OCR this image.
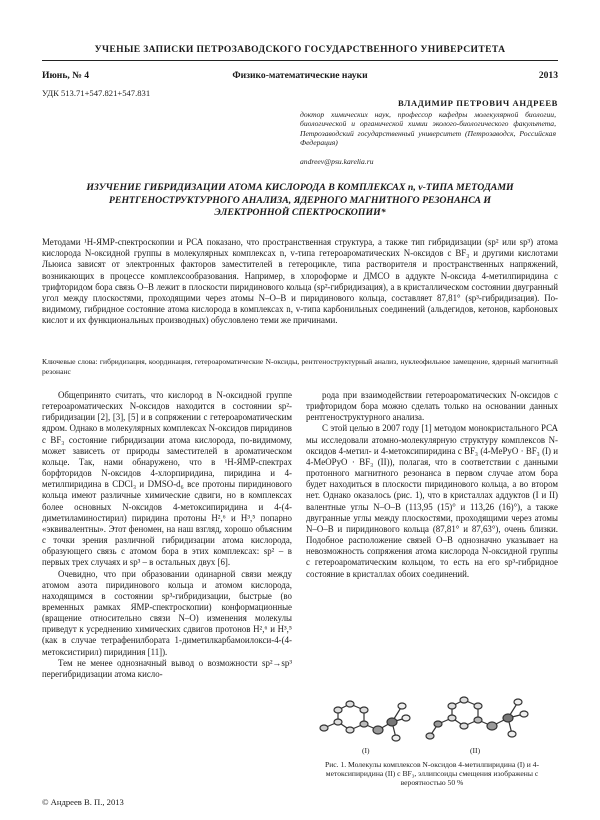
УЧЕНЫЕ ЗАПИСКИ ПЕТРОЗАВОДСКОГО ГОСУДАРСТВЕННОГО УНИВЕРСИТЕТА
Июнь, № 4	Физико-математические науки	2013
УДК 513.71+547.821+547.831
ВЛАДИМИР ПЕТРОВИЧ АНДРЕЕВ
доктор химических наук, профессор кафедры молекулярной биологии, биологической и органической химии эколого-биологического факультета, Петрозаводский государственный университет (Петрозаводск, Российская Федерация)
andreev@psu.karelia.ru
ИЗУЧЕНИЕ ГИБРИДИЗАЦИИ АТОМА КИСЛОРОДА В КОМПЛЕКСАХ n, v-ТИПА МЕТОДАМИ РЕНТГЕНОСТРУКТУРНОГО АНАЛИЗА, ЯДЕРНОГО МАГНИТНОГО РЕЗОНАНСА И ЭЛЕКТРОННОЙ СПЕКТРОСКОПИИ*
Методами ¹Н-ЯМР-спектроскопии и РСА показано, что пространственная структура, а также тип гибридизации (sp² или sp³) атома кислорода N-оксидной группы в молекулярных комплексах n, v-типа гетероароматических N-оксидов с BF₃ и другими кислотами Льюиса зависят от электронных факторов заместителей в гетероцикле, типа растворителя и пространственных напряжений, возникающих в процессе комплексообразования. Например, в хлороформе и ДМСО в аддукте N-оксида 4-метилпиридина с трифторидом бора связь O–B лежит в плоскости пиридинового кольца (sp²-гибридизация), а в кристаллическом состоянии двугранный угол между плоскостями, проходящими через атомы N–O–B и пиридинового кольца, составляет 87,81° (sp³-гибридизация). По-видимому, гибридное состояние атома кислорода в комплексах n, v-типа карбонильных соединений (альдегидов, кетонов, карбоновых кислот и их функциональных производных) обусловлено теми же причинами.
Ключевые слова: гибридизация, координация, гетероароматические N-оксиды, рентгеноструктурный анализ, нуклеофильное замещение, ядерный магнитный резонанс

Общепринято считать, что кислород в N-оксидной группе гетероароматических N-оксидов находится в состоянии sp²-гибридизации [2], [3], [5] и в сопряжении с гетероароматическим ядром. Однако в молекулярных комплексах N-оксидов пиридинов с BF₃ состояние гибридизации атома кислорода, по-видимому, может зависеть от природы заместителей в ароматическом кольце. Так, нами обнаружено, что в ¹Н-ЯМР-спектрах борфторидов N-оксидов 4-хлорпиридина, пиридина и 4-метилпиридина в CDCl₃ и DMSO-d₆ все протоны пиридинового кольца имеют различные химические сдвиги, но в комплексах более основных N-оксидов 4-метоксипиридина и 4-(4-диметиламиностирил) пиридина протоны H²,⁶ и H³,⁵ попарно «эквивалентны». Этот феномен, на наш взгляд, хорошо объясним с точки зрения различной гибридизации атома кислорода, образующего связь с атомом бора в этих комплексах: sp² – в первых трех случаях и sp³ – в остальных двух [6].

Очевидно, что при образовании одинарной связи между атомом азота пиридинового кольца и атомом кислорода, находящимся в состоянии sp³-гибридизации, быстрые (во временных рамках ЯМР-спектроскопии) конформационные (вращение относительно связи N–O) изменения молекулы приведут к усреднению химических сдвигов протонов H²,⁶ и H³,⁵ (как в случае тетрафенилбората 1-диметилкарбамоилокси-4-(4-метоксистирил) пиридиния [11]).

Тем не менее однозначный вывод о возможности sp²→sp³ перегибридизации атома кисло-

рода при взаимодействии гетероароматических N-оксидов с трифторидом бора можно сделать только на основании данных рентгеноструктурного анализа.

С этой целью в 2007 году [1] методом монокристального РСА мы исследовали атомно-молекулярную структуру комплексов N-оксидов 4-метил- и 4-метоксипиридина с BF₃ (4-MePyO · BF₃ (I) и 4-MeOPyO · BF₃ (II)), полагая, что в соответствии с данными протонного магнитного резонанса в первом случае атом бора будет находиться в плоскости пиридинового кольца, а во втором нет. Однако оказалось (рис. 1), что в кристаллах аддуктов (I и II) валентные углы N–O–B (113,95 (15)° и 113,26 (16)°), а также двугранные углы между плоскостями, проходящими через атомы N–O–B и пиридинового кольца (87,81° и 87,63°), очень близки. Подобное расположение связей O–B однозначно указывает на невозможность сопряжения атома кислорода N-оксидной группы с гетероароматическим кольцом, то есть на его sp³-гибридное состояние в кристаллах обоих соединений.

(I)	(II)
Рис. 1. Молекулы комплексов N-оксидов 4-метилпиридина (I) и 4-метоксипиридина (II) с BF₃, эллипсоиды смещения изображены с вероятностью 50 %
© Андреев В. П., 2013
